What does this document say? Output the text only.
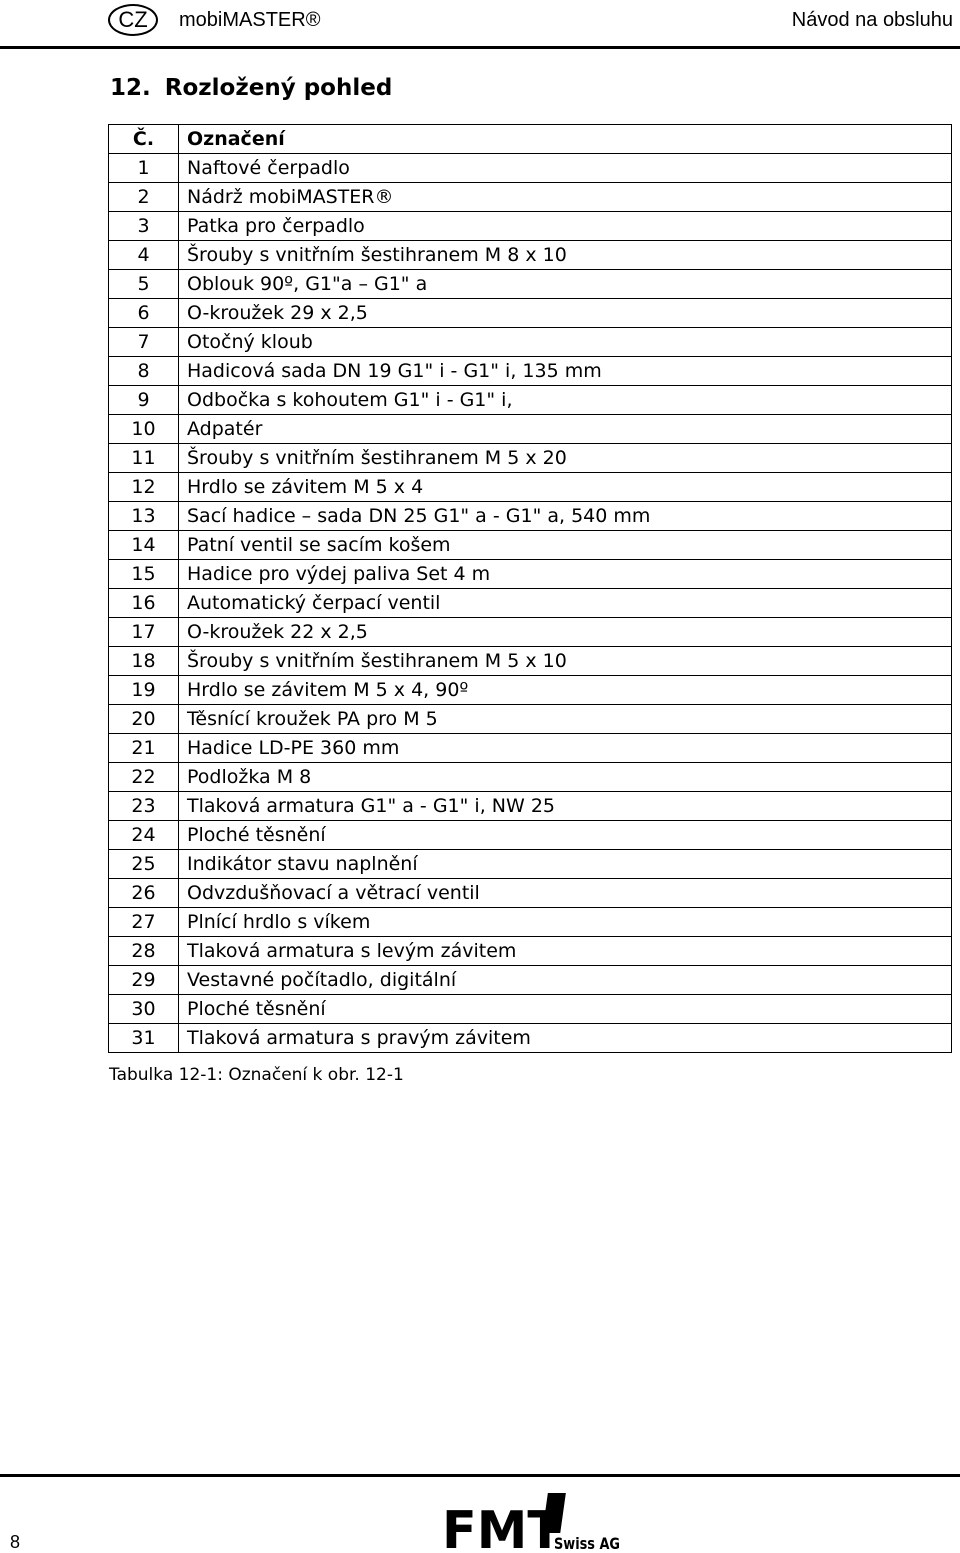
CZ	mobiMASTER®	Návod na obsluhu
12. Rozložený pohled
Č.	Označení
1	Naftové čerpadlo
2	Nádrž mobiMASTER®
3	Patka pro čerpadlo
4	Šrouby s vnitřním šestihranem M 8 x 10
5	Oblouk 90º, G1"a – G1" a
6	O-kroužek 29 x 2,5
7	Otočný kloub
8	Hadicová sada DN 19 G1" i - G1" i, 135 mm
9	Odbočka s kohoutem G1" i - G1" i,
10	Adpatér
11	Šrouby s vnitřním šestihranem M 5 x 20
12	Hrdlo se závitem M 5 x 4
13	Sací hadice – sada DN 25 G1" a - G1" a, 540 mm
14	Patní ventil se sacím košem
15	Hadice pro výdej paliva Set 4 m
16	Automatický čerpací ventil
17	O-kroužek 22 x 2,5
18	Šrouby s vnitřním šestihranem M 5 x 10
19	Hrdlo se závitem M 5 x 4, 90º
20	Těsnící kroužek PA pro M 5
21	Hadice LD-PE 360 mm
22	Podložka M 8
23	Tlaková armatura G1" a - G1" i, NW 25
24	Ploché těsnění
25	Indikátor stavu naplnění
26	Odvzdušňovací a větrací ventil
27	Plnící hrdlo s víkem
28	Tlaková armatura s levým závitem
29	Vestavné počítadlo, digitální
30	Ploché těsnění
31	Tlaková armatura s pravým závitem
Tabulka 12-1: Označení k obr. 12-1
8	FMT
Swiss AG
